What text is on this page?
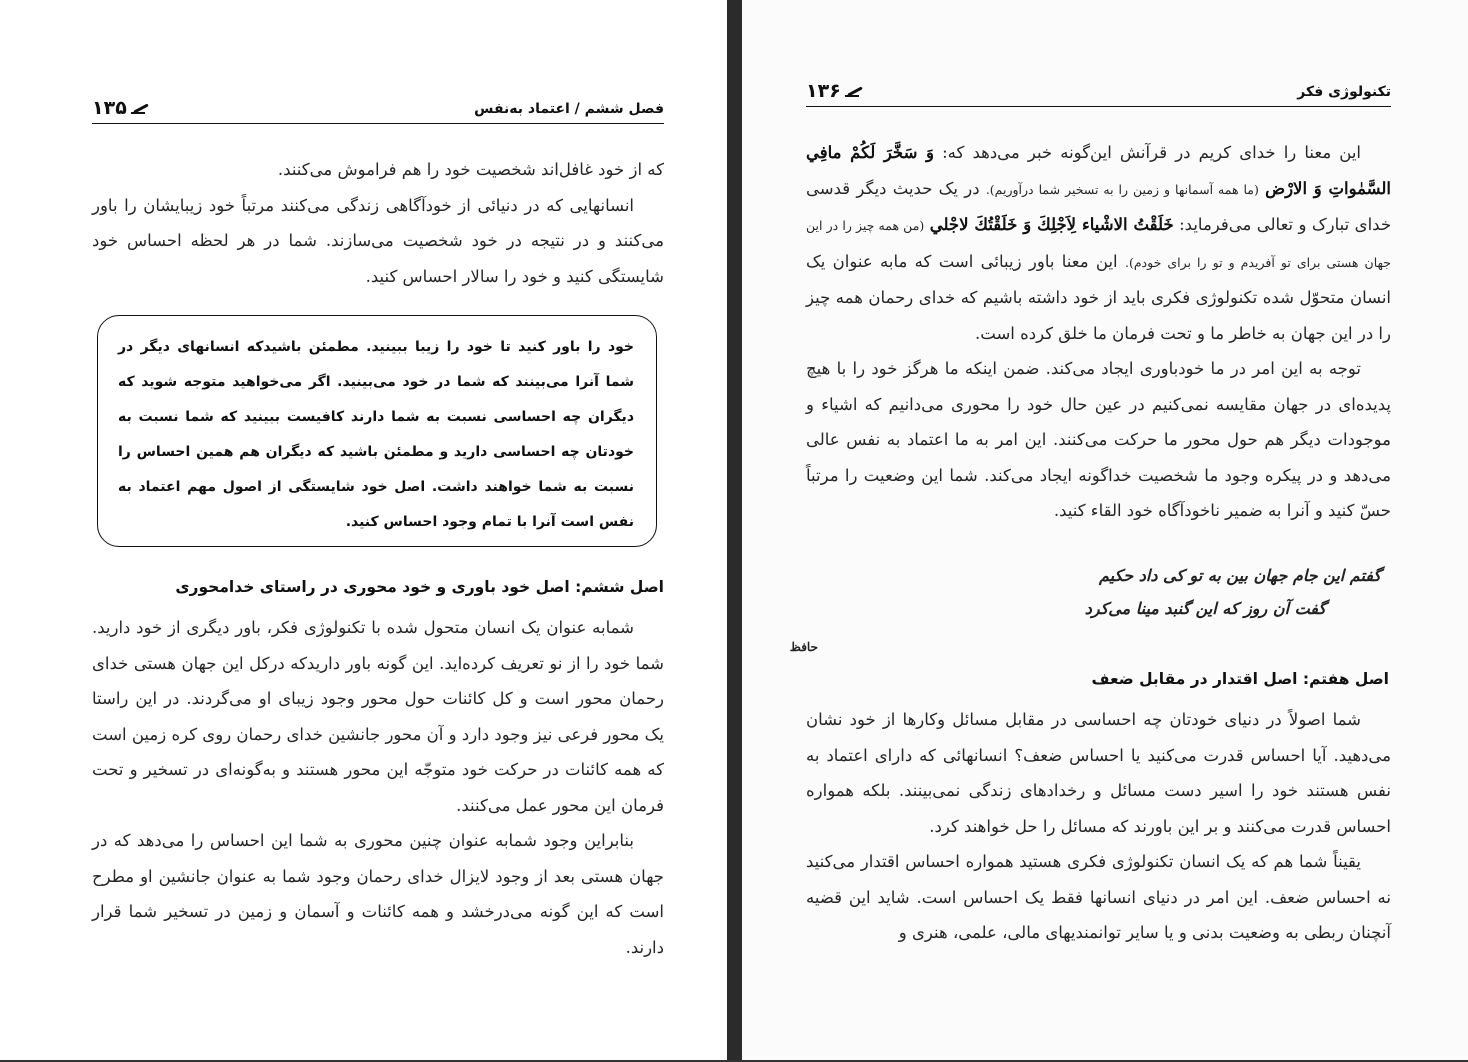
فصل ششم / اعتماد به‌نفس
۱۳۵

که از خود غافل‌اند شخصیت خود را هم فراموش می‌کنند.

انسانهایی که در دنیائی از خودآگاهی زندگی می‌کنند مرتباً خود زیبایشان را باور می‌کنند و در نتیجه در خود شخصیت می‌سازند. شما در هر لحظه احساس خود شایستگی کنید و خود را سالار احساس کنید.

خود را باور کنید تا خود را زیبا ببینید. مطمئن باشیدکه انسانهای دیگر در شما آنرا می‌بینند که شما در خود می‌بینید. اگر می‌خواهید متوجه شوید که دیگران چه احساسی نسبت به شما دارند کافیست ببینید که شما نسبت به خودتان چه احساسی دارید و مطمئن باشید که دیگران هم همین احساس را نسبت به شما خواهند داشت. اصل خود شایستگی از اصول مهم اعتماد به نفس است آنرا با تمام وجود احساس کنید.
اصل ششم: اصل خود باوری و خود محوری در راستای خدامحوری

شمابه عنوان یک انسان متحول شده با تکنولوژی فکر، باور دیگری از خود دارید. شما خود را از نو تعریف کرده‌اید. این گونه باور داریدکه درکل این جهان هستی خدای رحمان محور است و کل کائنات حول محور وجود زیبای او می‌گردند. در این راستا یک محور فرعی نیز وجود دارد و آن محور جانشین خدای رحمان روی کره زمین است که همه کائنات در حرکت خود متوجّه این محور هستند و به‌گونه‌ای در تسخیر و تحت فرمان این محور عمل می‌کنند.

بنابراین وجود شمابه عنوان چنین محوری به شما این احساس را می‌دهد که در جهان هستی بعد از وجود لایزال خدای رحمان وجود شما به عنوان جانشین او مطرح است که این گونه می‌درخشد و همه کائنات و آسمان و زمین در تسخیر شما قرار دارند.

تکنولوژی فکر
۱۳۶

این معنا را خدای کریم در قرآنش این‌گونه خبر می‌دهد که: وَ سَخَّرَ لَكُمْ مافِي السَّمٰواتِ وَ الارْض (ما همه آسمانها و زمین را به تسخیر شما درآوریم). در یک حدیث دیگر قدسی خدای تبارک و تعالی می‌فرماید: خَلَقْتُ الاشْياء لِاَجْلِكَ وَ خَلَقْتُكَ لاجْلي (من همه چیز را در این جهان هستی برای تو آفریدم و تو را برای خودم). این معنا باور زیبائی است که مابه عنوان یک انسان متحوّل شده تکنولوژی فکری باید از خود داشته باشیم که خدای رحمان همه چیز را در این جهان به خاطر ما و تحت فرمان ما خلق کرده است.

توجه به این امر در ما خودباوری ایجاد می‌کند. ضمن اینکه ما هرگز خود را با هیچ پدیده‌ای در جهان مقایسه نمی‌کنیم در عین حال خود را محوری می‌دانیم که اشیاء و موجودات دیگر هم حول محور ما حرکت می‌کنند. این امر به ما اعتماد به نفس عالی می‌دهد و در پیکره وجود ما شخصیت خداگونه ایجاد می‌کند. شما این وضعیت را مرتباً حسّ کنید و آنرا به ضمیر ناخودآگاه خود القاء کنید.

گفتم این جام جهان بین به تو کی داد حکیم
گفت آن روز که این گنبد مینا می‌کرد
حافظ
اصل هفتم: اصل اقتدار در مقابل ضعف

شما اصولاً در دنیای خودتان چه احساسی در مقابل مسائل وکارها از خود نشان می‌دهید. آیا احساس قدرت می‌کنید یا احساس ضعف؟ انسانهائی که دارای اعتماد به نفس هستند خود را اسیر دست مسائل و رخدادهای زندگی نمی‌بینند. بلکه همواره احساس قدرت می‌کنند و بر این باورند که مسائل را حل خواهند کرد.

یقیناً شما هم که یک انسان تکنولوژی فکری هستید همواره احساس اقتدار می‌کنید نه احساس ضعف. این امر در دنیای انسانها فقط یک احساس است. شاید این قضیه آنچنان ربطی به وضعیت بدنی و یا سایر توانمندیهای مالی، علمی، هنری و
